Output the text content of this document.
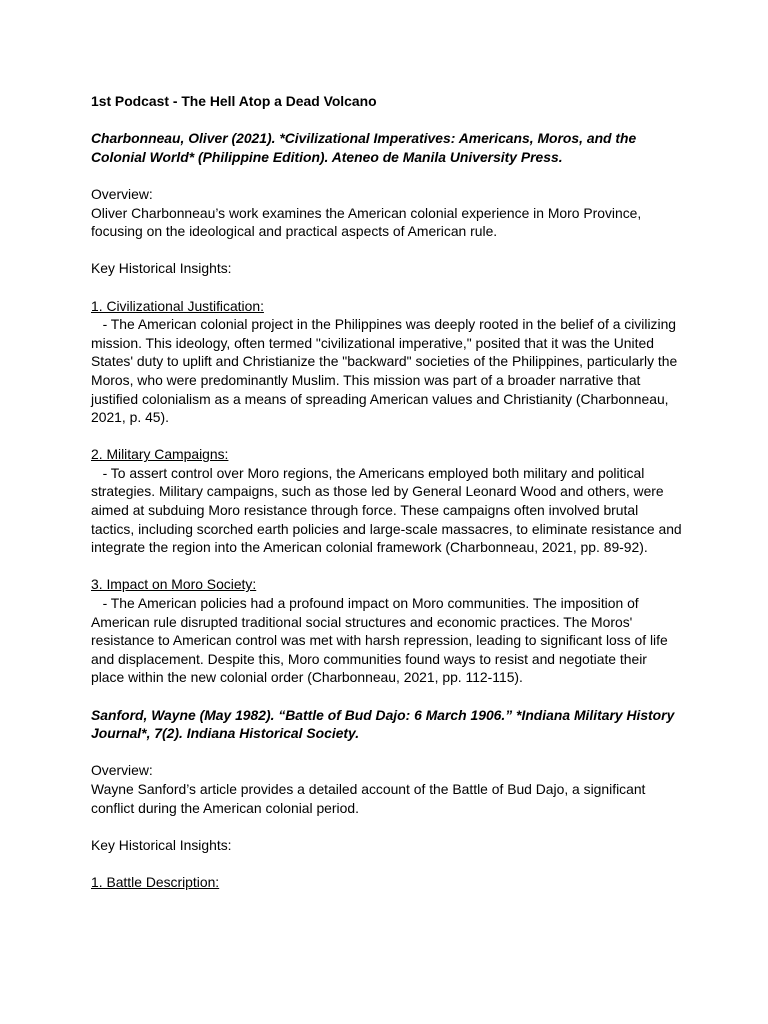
1st Podcast - The Hell Atop a Dead Volcano

Charbonneau, Oliver (2021). *Civilizational Imperatives: Americans, Moros, and the
Colonial World* (Philippine Edition). Ateneo de Manila University Press.

Overview:
Oliver Charbonneau’s work examines the American colonial experience in Moro Province,
focusing on the ideological and practical aspects of American rule.

Key Historical Insights:

1. Civilizational Justification:
- The American colonial project in the Philippines was deeply rooted in the belief of a civilizing
mission. This ideology, often termed "civilizational imperative," posited that it was the United
States' duty to uplift and Christianize the "backward" societies of the Philippines, particularly the
Moros, who were predominantly Muslim. This mission was part of a broader narrative that
justified colonialism as a means of spreading American values and Christianity (Charbonneau,
2021, p. 45).

2. Military Campaigns:
- To assert control over Moro regions, the Americans employed both military and political
strategies. Military campaigns, such as those led by General Leonard Wood and others, were
aimed at subduing Moro resistance through force. These campaigns often involved brutal
tactics, including scorched earth policies and large-scale massacres, to eliminate resistance and
integrate the region into the American colonial framework (Charbonneau, 2021, pp. 89-92).

3. Impact on Moro Society:
- The American policies had a profound impact on Moro communities. The imposition of
American rule disrupted traditional social structures and economic practices. The Moros'
resistance to American control was met with harsh repression, leading to significant loss of life
and displacement. Despite this, Moro communities found ways to resist and negotiate their
place within the new colonial order (Charbonneau, 2021, pp. 112-115).

Sanford, Wayne (May 1982). “Battle of Bud Dajo: 6 March 1906.” *Indiana Military History
Journal*, 7(2). Indiana Historical Society.

Overview:
Wayne Sanford’s article provides a detailed account of the Battle of Bud Dajo, a significant
conflict during the American colonial period.

Key Historical Insights:

1. Battle Description:
